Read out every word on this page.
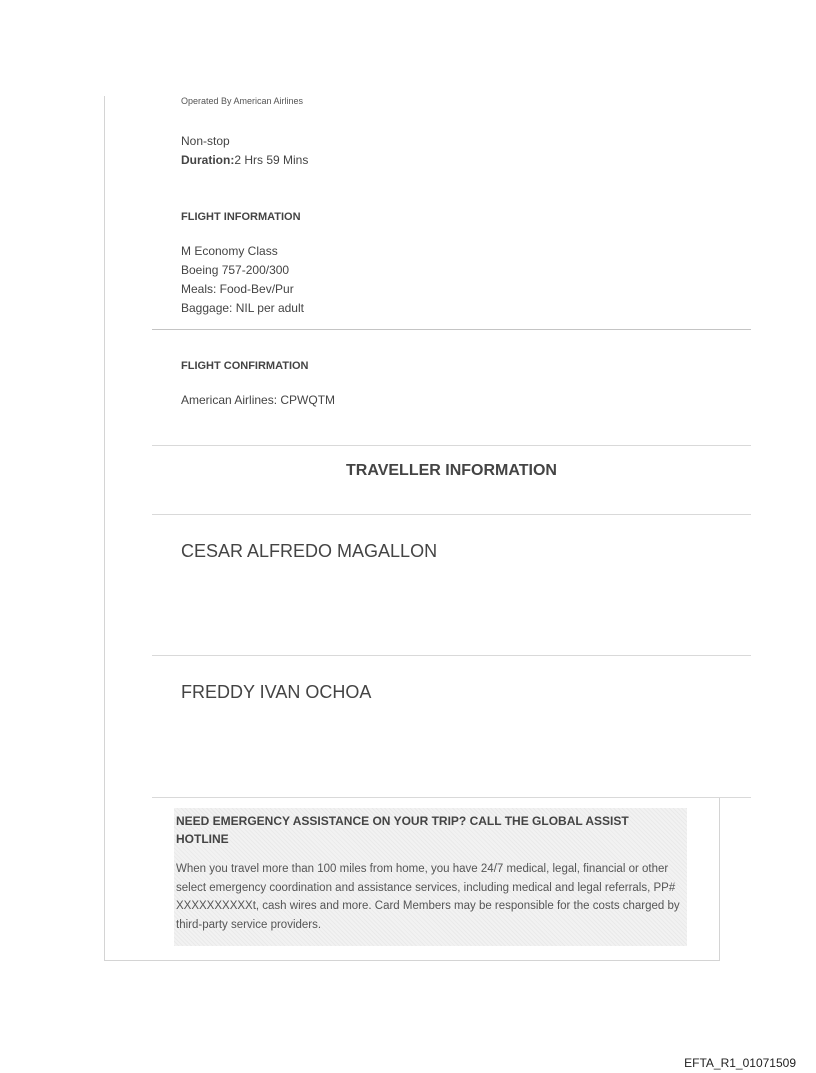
Operated By American Airlines
Non-stop
Duration:2 Hrs 59 Mins
FLIGHT INFORMATION
M Economy Class
Boeing 757-200/300
Meals: Food-Bev/Pur
Baggage: NIL per adult
FLIGHT CONFIRMATION
American Airlines: CPWQTM
TRAVELLER INFORMATION
CESAR ALFREDO MAGALLON
FREDDY IVAN OCHOA
NEED EMERGENCY ASSISTANCE ON YOUR TRIP? CALL THE GLOBAL ASSIST HOTLINE
When you travel more than 100 miles from home, you have 24/7 medical, legal, financial or other select emergency coordination and assistance services, including medical and legal referrals, PP# XXXXXXXXXXt, cash wires and more. Card Members may be responsible for the costs charged by third-party service providers.
EFTA_R1_01071509
